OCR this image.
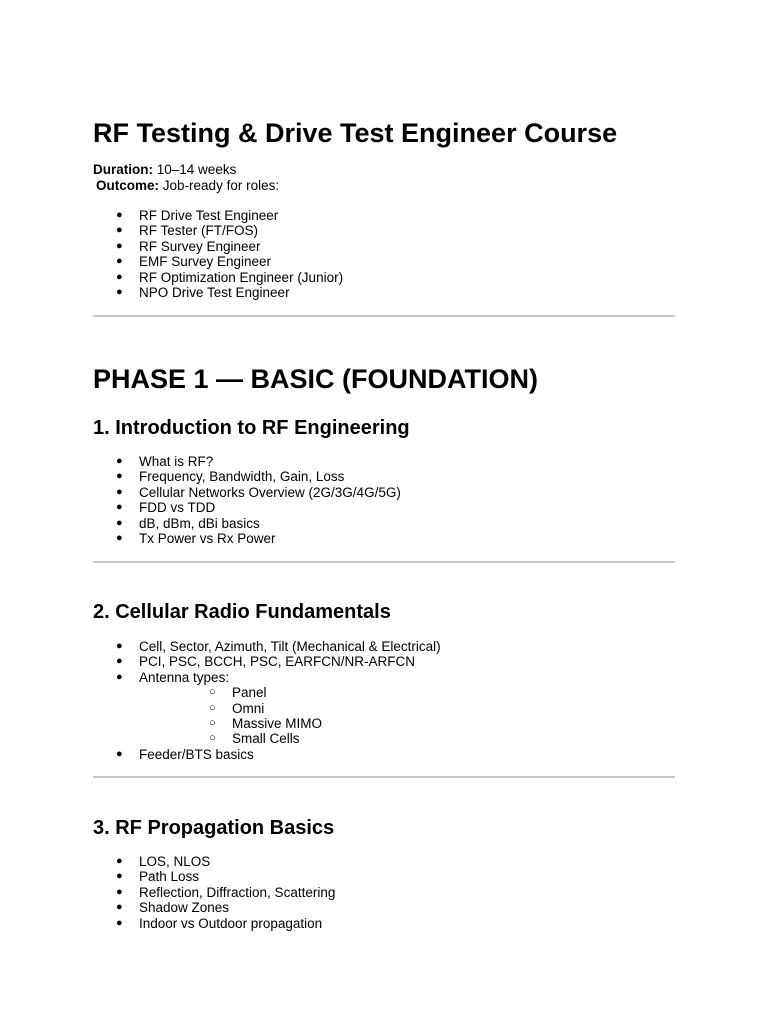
RF Testing & Drive Test Engineer Course

Duration: 10–14 weeks

Outcome: Job-ready for roles:

● RF Drive Test Engineer
● RF Tester (FT/FOS)
● RF Survey Engineer
● EMF Survey Engineer
● RF Optimization Engineer (Junior)
● NPO Drive Test Engineer
PHASE 1 — BASIC (FOUNDATION)
1. Introduction to RF Engineering
● What is RF?
● Frequency, Bandwidth, Gain, Loss
● Cellular Networks Overview (2G/3G/4G/5G)
● FDD vs TDD
● dB, dBm, dBi basics
● Tx Power vs Rx Power
2. Cellular Radio Fundamentals
● Cell, Sector, Azimuth, Tilt (Mechanical & Electrical)
● PCI, PSC, BCCH, PSC, EARFCN/NR-ARFCN
● Antenna types:
○ Panel
○ Omni
○ Massive MIMO
○ Small Cells
● Feeder/BTS basics
3. RF Propagation Basics
● LOS, NLOS
● Path Loss
● Reflection, Diffraction, Scattering
● Shadow Zones
● Indoor vs Outdoor propagation
